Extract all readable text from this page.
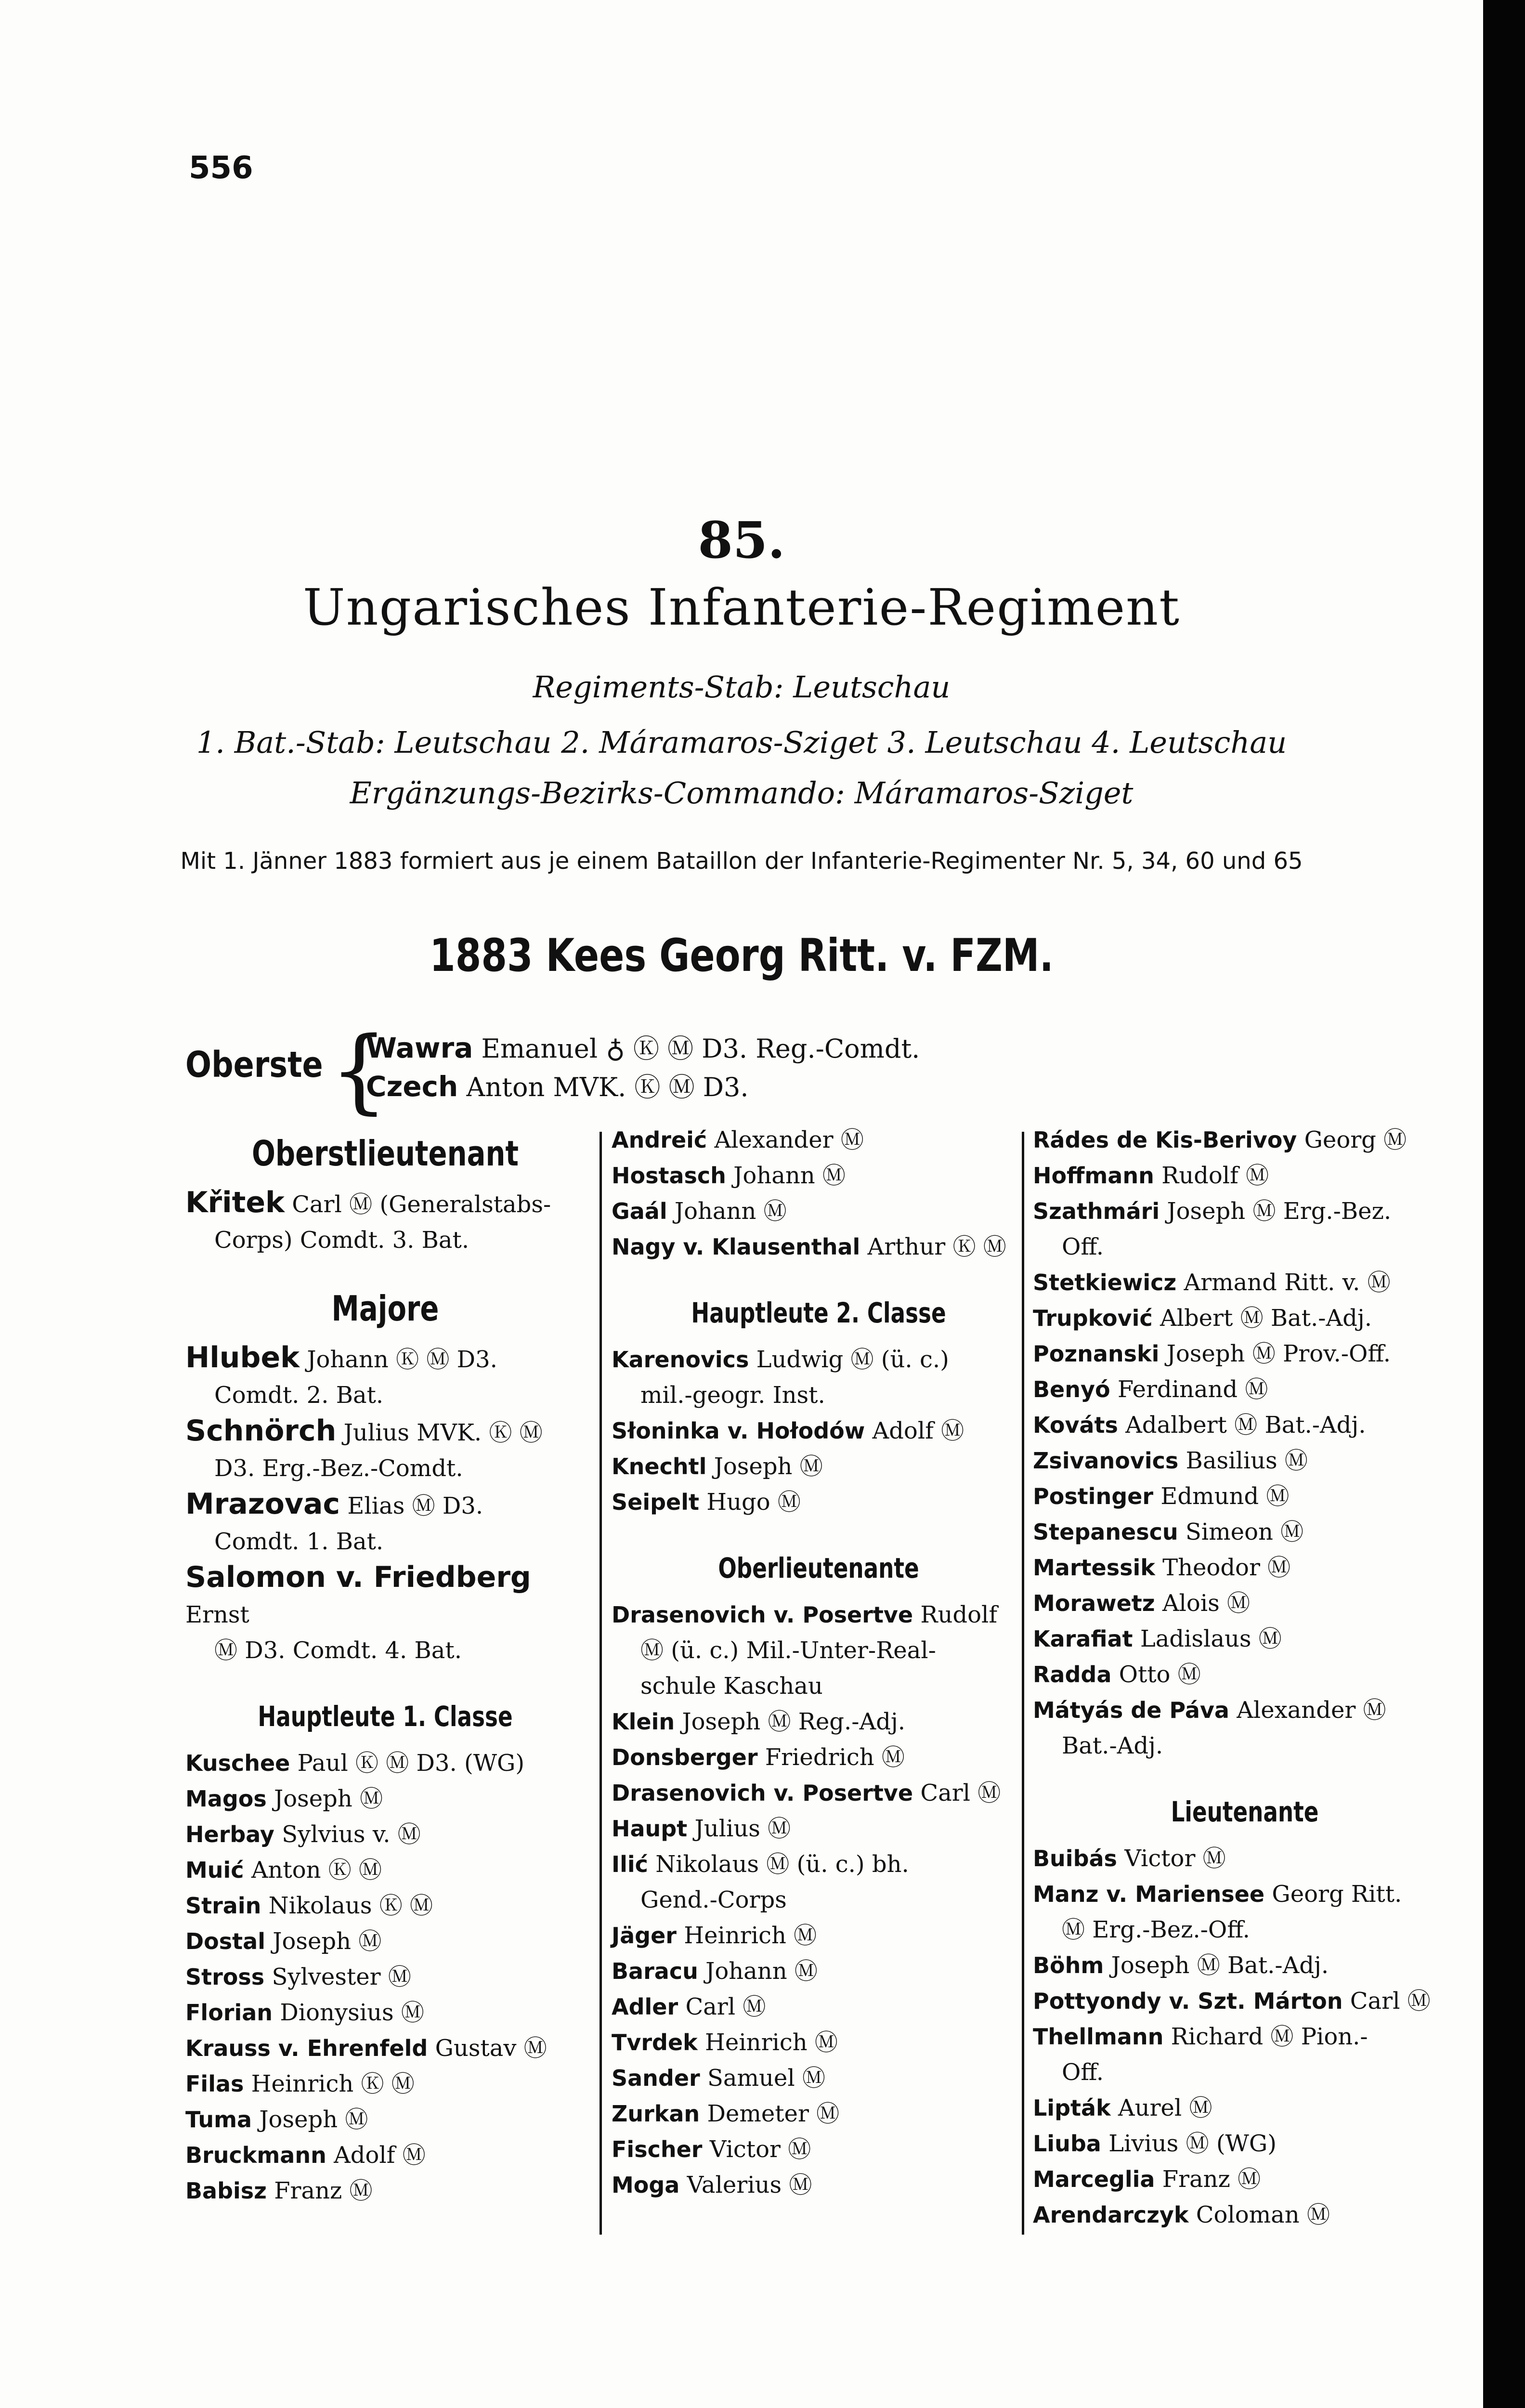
556
85.
Ungarisches Infanterie-Regiment
Regiments-Stab: Leutschau
1. Bat.-Stab: Leutschau 2. Máramaros-Sziget 3. Leutschau 4. Leutschau
Ergänzungs-Bezirks-Commando: Máramaros-Sziget
Mit 1. Jänner 1883 formiert aus je einem Bataillon der Infanterie-Regimenter Nr. 5, 34, 60 und 65
1883 Kees Georg Ritt. v. FZM.
Oberste {
Wawra Emanuel ♁ Ⓚ Ⓜ D3. Reg.-Comdt.
Czech Anton MVK. Ⓚ Ⓜ D3.
Oberstlieutenant
Křitek Carl Ⓜ (Generalstabs-
Corps) Comdt. 3. Bat.
Majore
Hlubek Johann Ⓚ Ⓜ D3.
Comdt. 2. Bat.
Schnörch Julius MVK. Ⓚ Ⓜ
D3. Erg.-Bez.-Comdt.
Mrazovac Elias Ⓜ D3.
Comdt. 1. Bat.
Salomon v. Friedberg Ernst
Ⓜ D3. Comdt. 4. Bat.
Hauptleute 1. Classe
Kuschee Paul Ⓚ Ⓜ D3. (WG)
Magos Joseph Ⓜ
Herbay Sylvius v. Ⓜ
Muić Anton Ⓚ Ⓜ
Strain Nikolaus Ⓚ Ⓜ
Dostal Joseph Ⓜ
Stross Sylvester Ⓜ
Florian Dionysius Ⓜ
Krauss v. Ehrenfeld Gustav Ⓜ
Filas Heinrich Ⓚ Ⓜ
Tuma Joseph Ⓜ
Bruckmann Adolf Ⓜ
Babisz Franz Ⓜ
Andreić Alexander Ⓜ
Hostasch Johann Ⓜ
Gaál Johann Ⓜ
Nagy v. Klausenthal Arthur Ⓚ Ⓜ
Hauptleute 2. Classe
Karenovics Ludwig Ⓜ (ü. c.)
mil.-geogr. Inst.
Słoninka v. Hołodów Adolf Ⓜ
Knechtl Joseph Ⓜ
Seipelt Hugo Ⓜ
Oberlieutenante
Drasenovich v. Posertve Rudolf
Ⓜ (ü. c.) Mil.-Unter-Real-
schule Kaschau
Klein Joseph Ⓜ Reg.-Adj.
Donsberger Friedrich Ⓜ
Drasenovich v. Posertve Carl Ⓜ
Haupt Julius Ⓜ
Ilić Nikolaus Ⓜ (ü. c.) bh.
Gend.-Corps
Jäger Heinrich Ⓜ
Baracu Johann Ⓜ
Adler Carl Ⓜ
Tvrdek Heinrich Ⓜ
Sander Samuel Ⓜ
Zurkan Demeter Ⓜ
Fischer Victor Ⓜ
Moga Valerius Ⓜ
Rádes de Kis-Berivoy Georg Ⓜ
Hoffmann Rudolf Ⓜ
Szathmári Joseph Ⓜ Erg.-Bez.
Off.
Stetkiewicz Armand Ritt. v. Ⓜ
Trupković Albert Ⓜ Bat.-Adj.
Poznanski Joseph Ⓜ Prov.-Off.
Benyó Ferdinand Ⓜ
Kováts Adalbert Ⓜ Bat.-Adj.
Zsivanovics Basilius Ⓜ
Postinger Edmund Ⓜ
Stepanescu Simeon Ⓜ
Martessik Theodor Ⓜ
Morawetz Alois Ⓜ
Karafiat Ladislaus Ⓜ
Radda Otto Ⓜ
Mátyás de Páva Alexander Ⓜ
Bat.-Adj.
Lieutenante
Buibás Victor Ⓜ
Manz v. Mariensee Georg Ritt.
Ⓜ Erg.-Bez.-Off.
Böhm Joseph Ⓜ Bat.-Adj.
Pottyondy v. Szt. Márton Carl Ⓜ
Thellmann Richard Ⓜ Pion.-
Off.
Lipták Aurel Ⓜ
Liuba Livius Ⓜ (WG)
Marceglia Franz Ⓜ
Arendarczyk Coloman Ⓜ
